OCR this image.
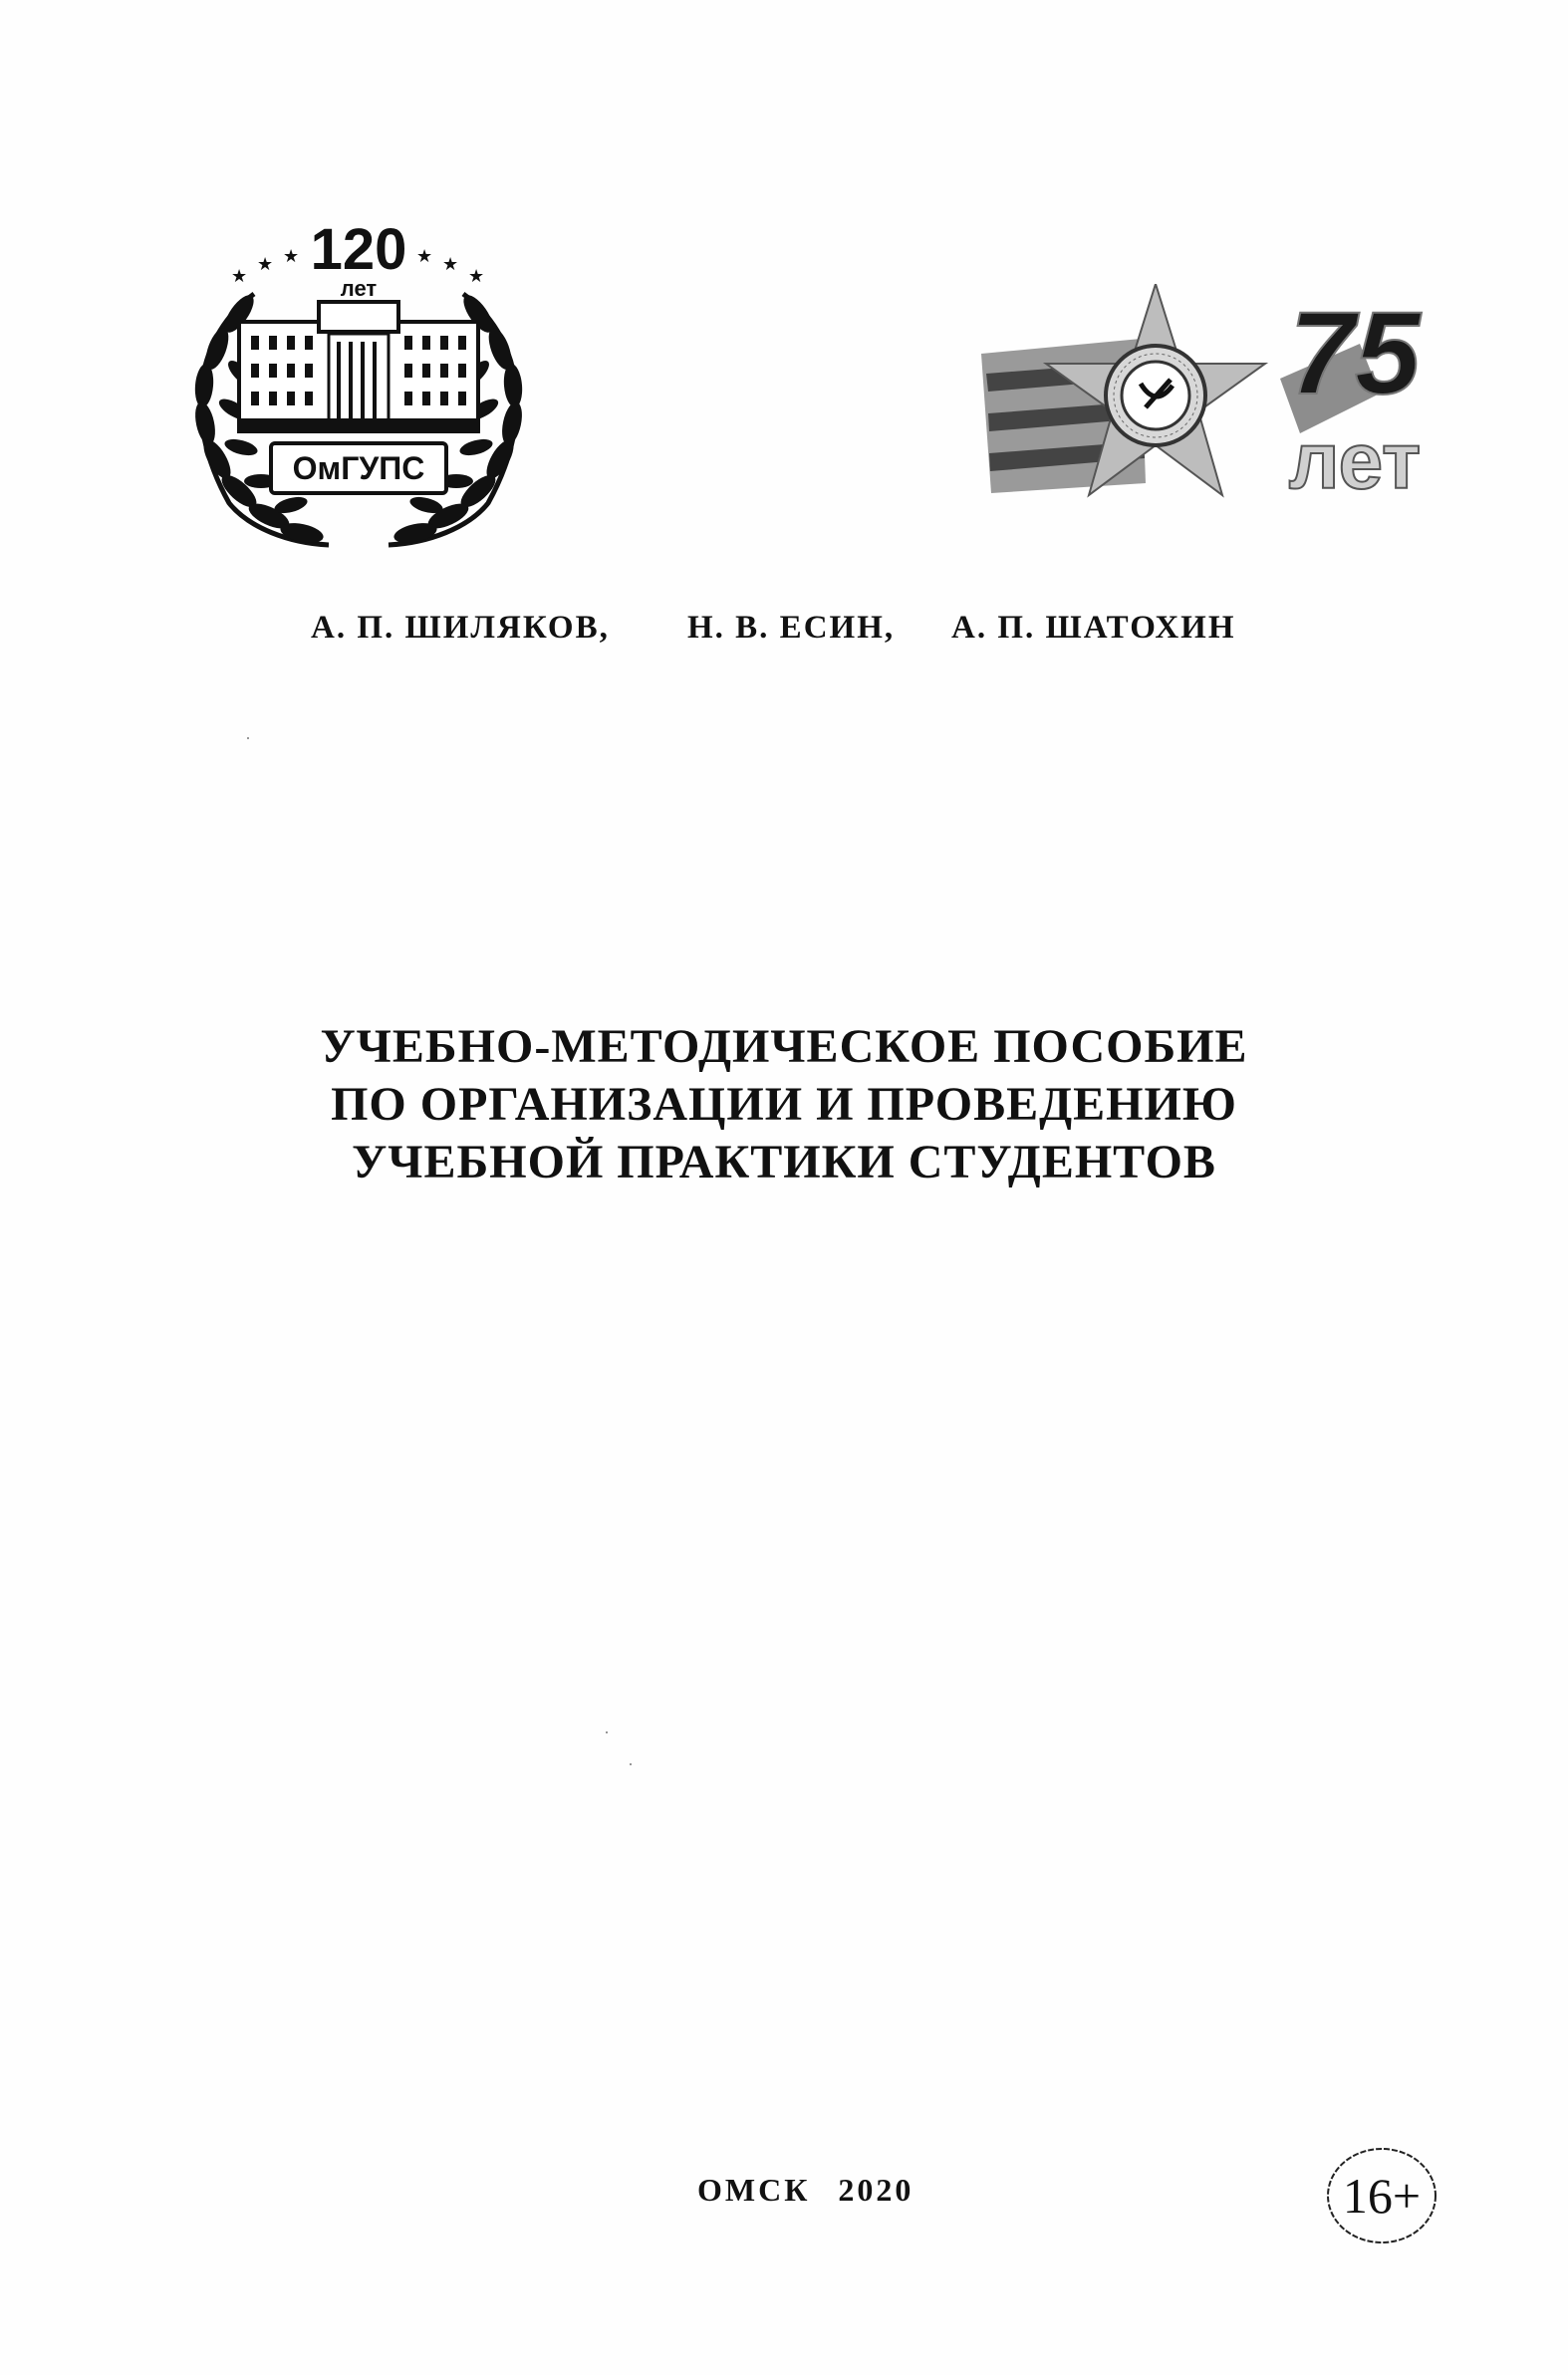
★
★ ★	★ ★
★
120
лет
ОмГУПС
75
лет
А. П. ШИЛЯКОВ, Н. В. ЕСИН, А. П. ШАТОХИН
УЧЕБНО-МЕТОДИЧЕСКОЕ ПОСОБИЕ
ПО ОРГАНИЗАЦИИ И ПРОВЕДЕНИЮ
УЧЕБНОЙ ПРАКТИКИ СТУДЕНТОВ
ОМСК 2020	16+
